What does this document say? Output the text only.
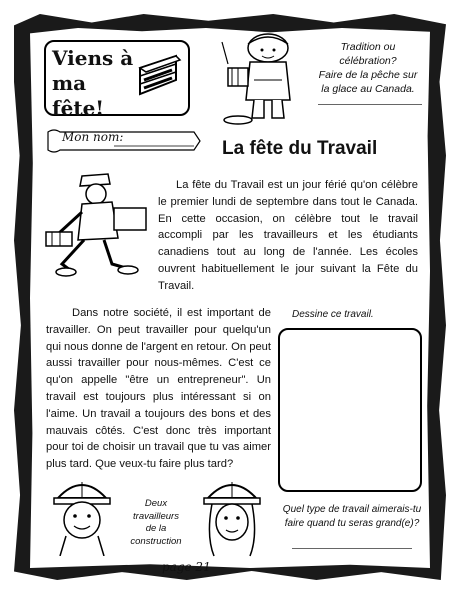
Viens à
ma fête!
Tradition ou
célébration?
Faire de la pêche sur
la glace au Canada.
Mon nom:
La fête du Travail
La fête du Travail est un jour férié qu'on célèbre le premier lundi de septembre dans tout le Canada. En cette occasion, on célèbre tout le travail accompli par les travailleurs et les étudiants canadiens tout au long de l'année. Les écoles ouvrent habituellement le jour suivant la Fête du Travail.
Dans notre société, il est important de travailler. On peut travailler pour quelqu'un qui nous donne de l'argent en retour. On peut aussi travailler pour nous-mêmes. C'est ce qu'on appelle "être un entrepreneur". Un travail est toujours plus intéressant si on l'aime. Un travail a toujours des bons et des mauvais côtés. C'est donc très important pour toi de choisir un travail que tu vas aimer plus tard. Que veux-tu faire plus tard?
Dessine ce travail.
Quel type de travail aimerais-tu faire quand tu seras grand(e)?
Deux
travailleurs
de la
construction
page 21
